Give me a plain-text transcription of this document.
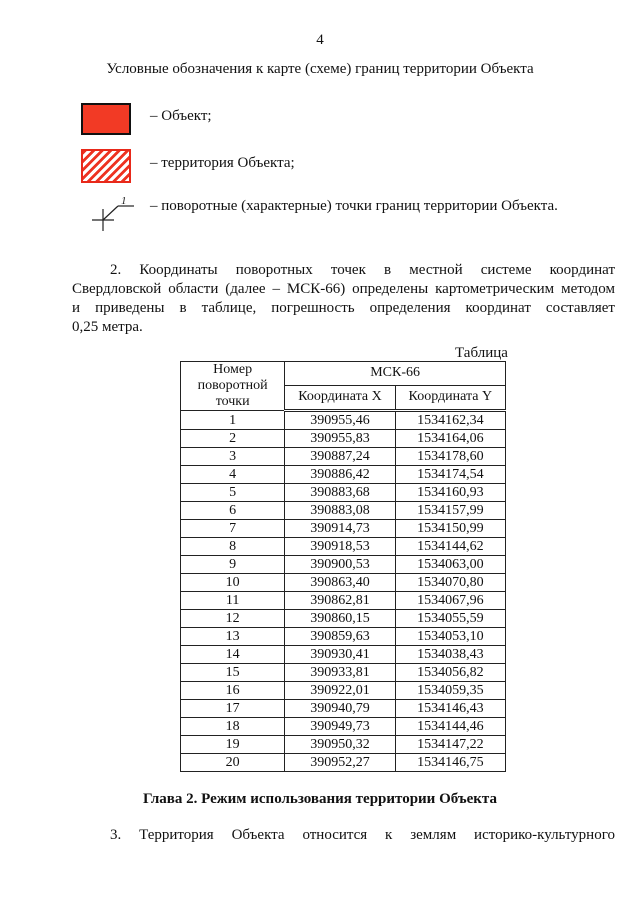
4
Условные обозначения к карте (схеме) границ территории Объекта
– Объект;
– территория Объекта;
1 – поворотные (характерные) точки границ территории Объекта.
2. Координаты поворотных точек в местной системе координат
Свердловской области (далее – МСК-66) определены картометрическим методом
и приведены в таблице, погрешность определения координат составляет
0,25 метра.
Таблица
Номер поворотной точки	МСК-66	
	Координата X	Координата Y
1	390955,46	1534162,34
2	390955,83	1534164,06
3	390887,24	1534178,60
4	390886,42	1534174,54
5	390883,68	1534160,93
6	390883,08	1534157,99
7	390914,73	1534150,99
8	390918,53	1534144,62
9	390900,53	1534063,00
10	390863,40	1534070,80
11	390862,81	1534067,96
12	390860,15	1534055,59
13	390859,63	1534053,10
14	390930,41	1534038,43
15	390933,81	1534056,82
16	390922,01	1534059,35
17	390940,79	1534146,43
18	390949,73	1534144,46
19	390950,32	1534147,22
20	390952,27	1534146,75
Глава 2. Режим использования территории Объекта
3. Территория Объекта относится к землям историко-культурного
